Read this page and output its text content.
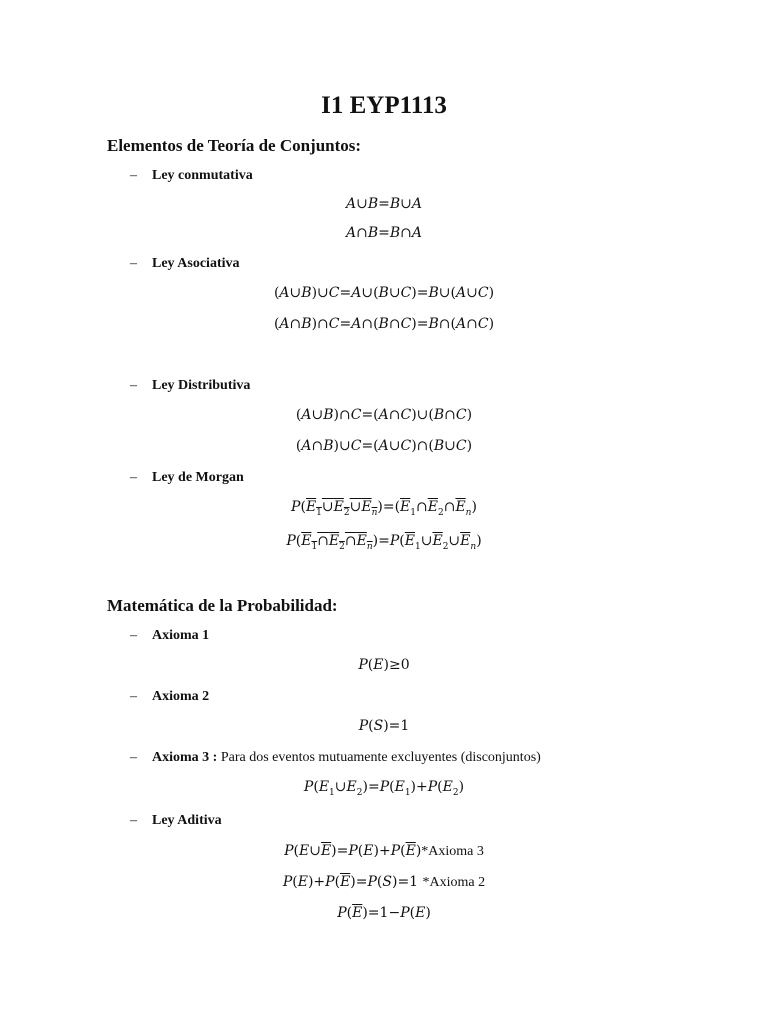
I1 EYP1113
Elementos de Teoría de Conjuntos:
– Ley conmutativa
A∪B=B∪A
A∩B=B∩A
– Ley Asociativa
(A∪B)∪C=A∪(B∪C)=B∪(A∪C)
(A∩B)∩C=A∩(B∩C)=B∩(A∩C)
– Ley Distributiva
(A∪B)∩C=(A∩C)∪(B∩C)
(A∩B)∪C=(A∪C)∩(B∪C)
– Ley de Morgan
$P(E_1\cup E_2\cup E_n)=(\overline{E}_1\cap\overline{E}_2\cap\overline{E}_n)$
$P(E_1\cap E_2\cap E_n)=P(\overline{E}_1\cup\overline{E}_2\cup\overline{E}_n)$
Matemática de la Probabilidad:
– Axioma 1
P(E)≥0
– Axioma 2
P(S)=1
– Axioma 3 : Para dos eventos mutuamente excluyentes (disconjuntos)
$P(E_1\cup E_2)=P(E_1)+P(E_2)$
– Ley Aditiva
$P(E\cup\overline{E})=P(E)+P(\overline{E})*Axioma$ 3
$P(E)+P(\overline{E})=P(S)=1$ *Axioma 2
$P(\overline{E})=1-P(E)$
